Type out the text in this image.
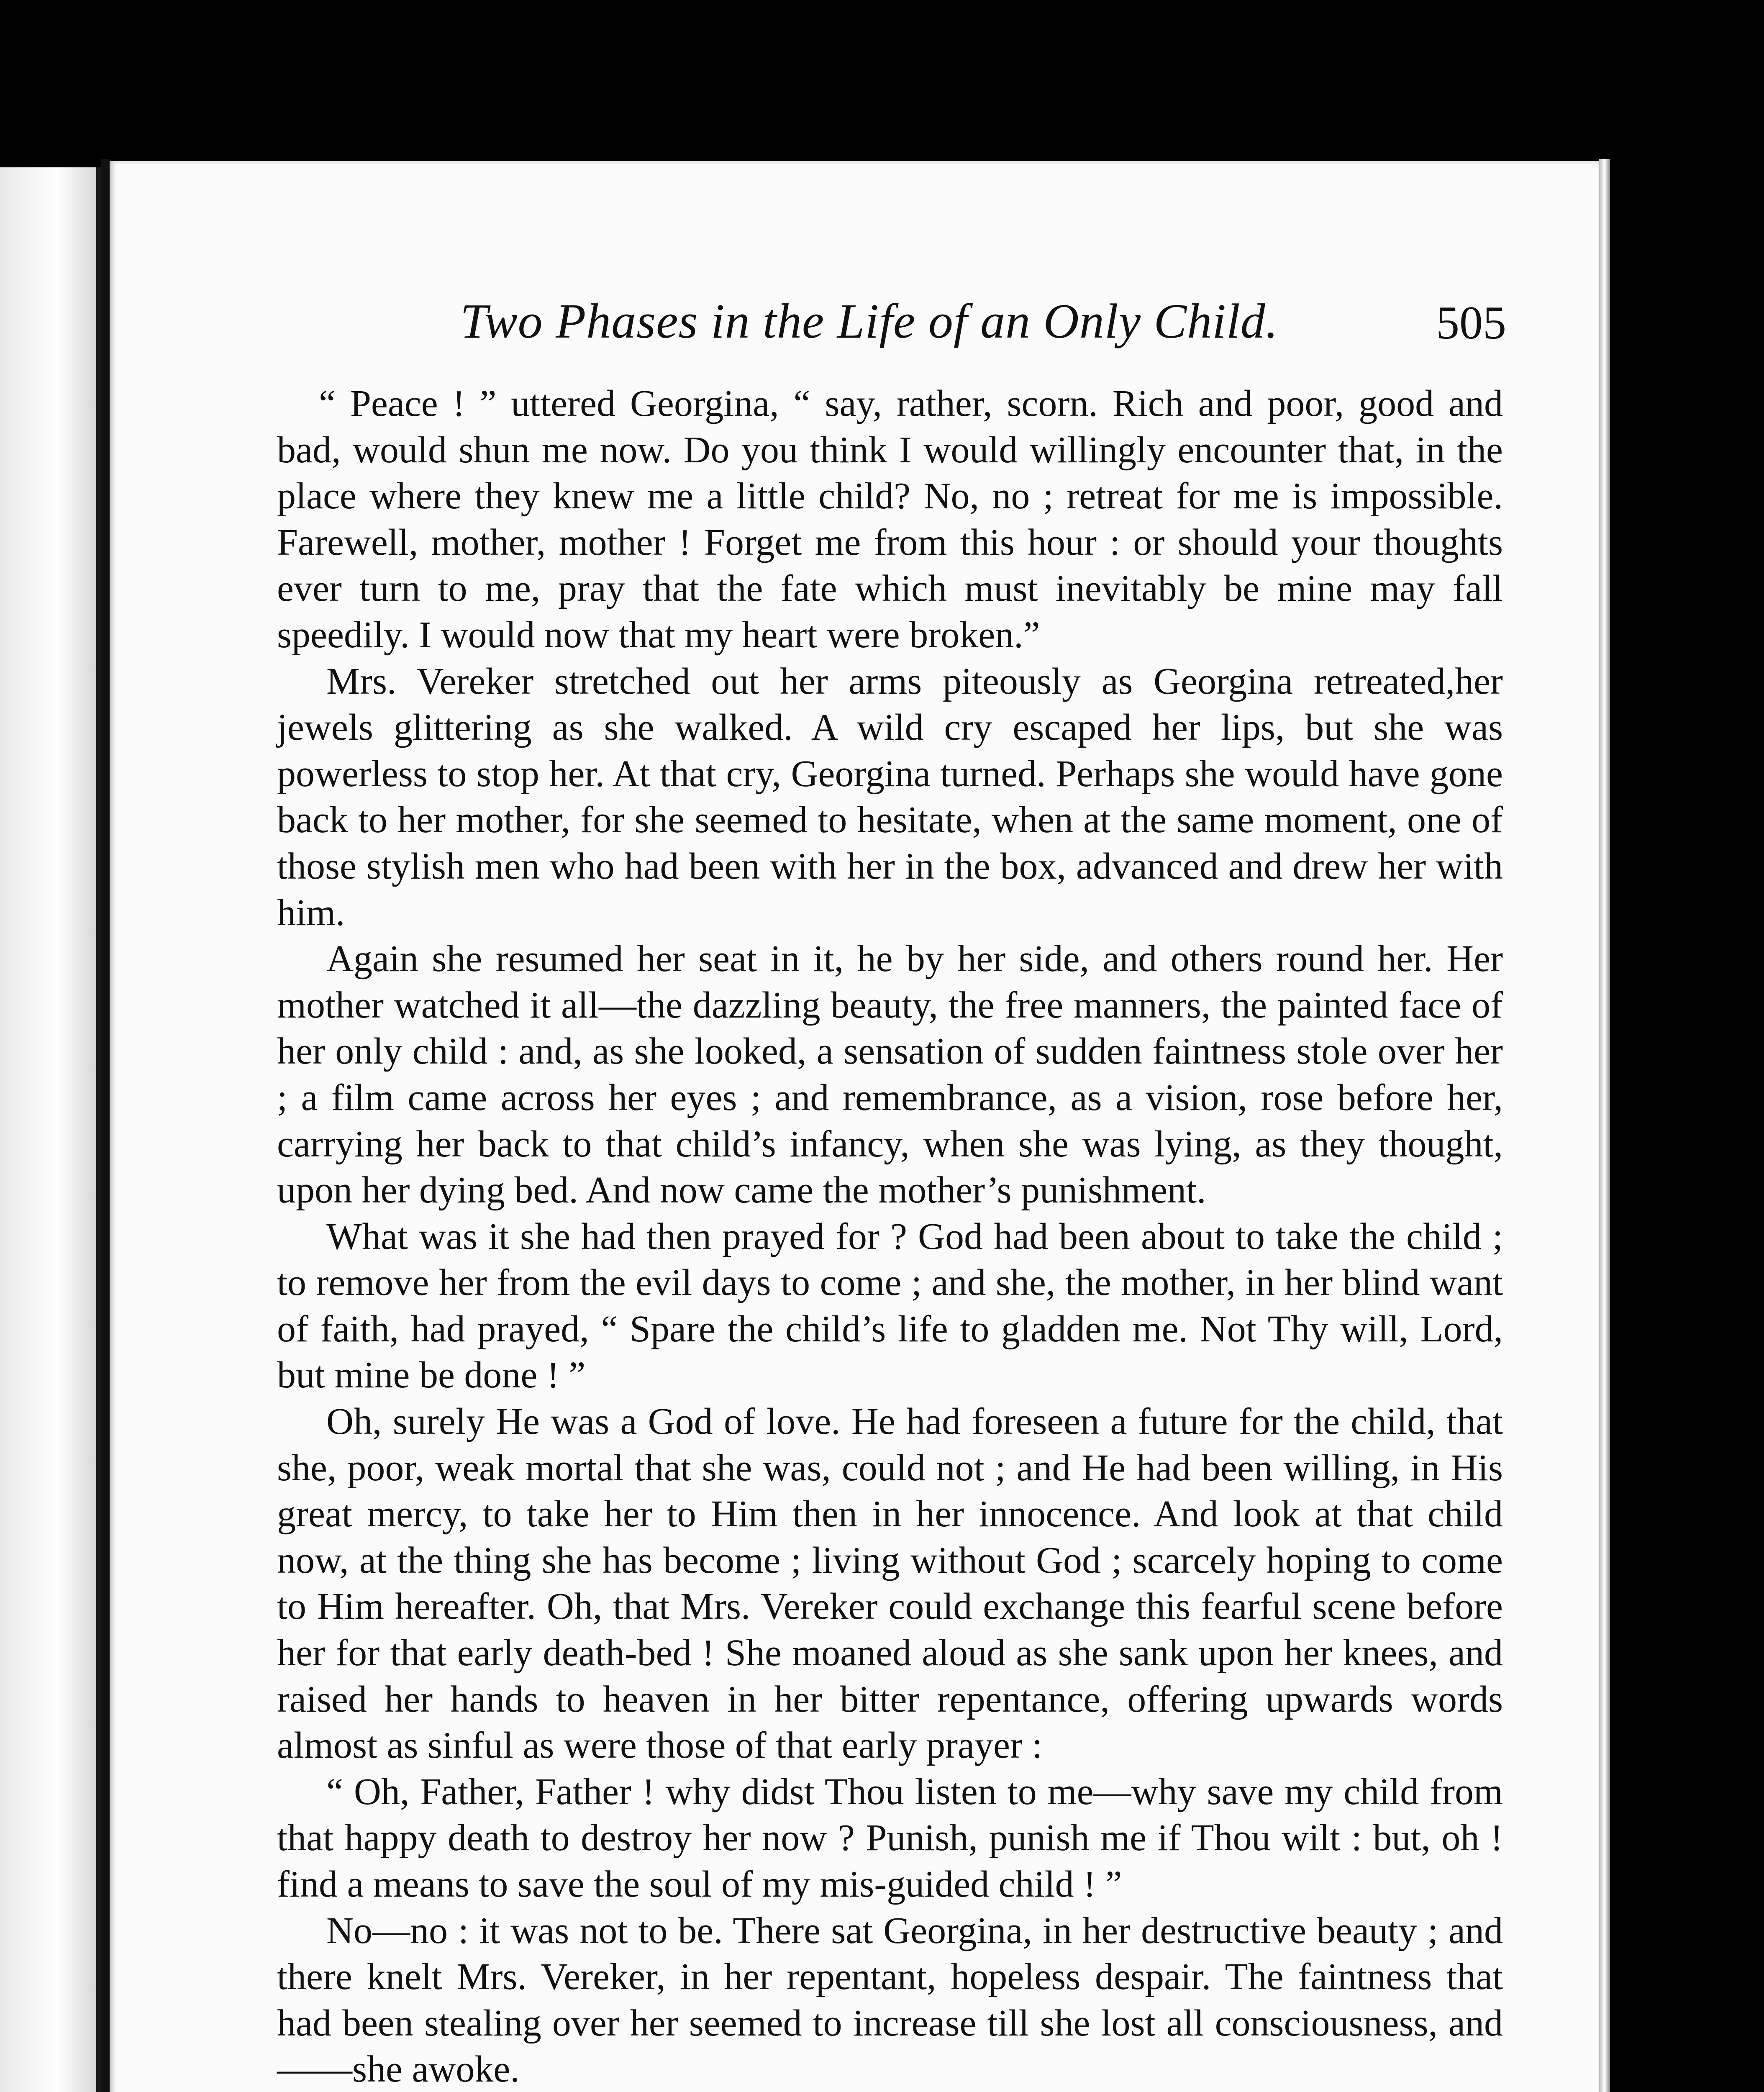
Two Phases in the Life of an Only Child.	505

“ Peace ! ” uttered Georgina, “ say, rather, scorn. Rich and poor, good and bad, would shun me now. Do you think I would willingly encounter that, in the place where they knew me a little child? No, no ; retreat for me is impossible. Farewell, mother, mother ! Forget me from this hour : or should your thoughts ever turn to me, pray that the fate which must inevitably be mine may fall speedily. I would now that my heart were broken.”

Mrs. Vereker stretched out her arms piteously as Georgina retreated,her jewels glittering as she walked. A wild cry escaped her lips, but she was powerless to stop her. At that cry, Georgina turned. Perhaps she would have gone back to her mother, for she seemed to hesitate, when at the same moment, one of those stylish men who had been with her in the box, advanced and drew her with him.

Again she resumed her seat in it, he by her side, and others round her. Her mother watched it all—the dazzling beauty, the free manners, the painted face of her only child : and, as she looked, a sensation of sudden faintness stole over her ; a film came across her eyes ; and remembrance, as a vision, rose before her, carrying her back to that child’s infancy, when she was lying, as they thought, upon her dying bed. And now came the mother’s punishment.

What was it she had then prayed for ? God had been about to take the child ; to remove her from the evil days to come ; and she, the mother, in her blind want of faith, had prayed, “ Spare the child’s life to gladden me. Not Thy will, Lord, but mine be done ! ”

Oh, surely He was a God of love. He had foreseen a future for the child, that she, poor, weak mortal that she was, could not ; and He had been willing, in His great mercy, to take her to Him then in her innocence. And look at that child now, at the thing she has become ; living without God ; scarcely hoping to come to Him hereafter. Oh, that Mrs. Vereker could exchange this fearful scene before her for that early death-bed ! She moaned aloud as she sank upon her knees, and raised her hands to heaven in her bitter repentance, offering upwards words almost as sinful as were those of that early prayer :

“ Oh, Father, Father ! why didst Thou listen to me—why save my child from that happy death to destroy her now ? Punish, punish me if Thou wilt : but, oh ! find a means to save the soul of my mis-guided child ! ”

No—no : it was not to be. There sat Georgina, in her destructive beauty ; and there knelt Mrs. Vereker, in her repentant, hopeless despair. The faintness that had been stealing over her seemed to increase till she lost all consciousness, and——she awoke.
